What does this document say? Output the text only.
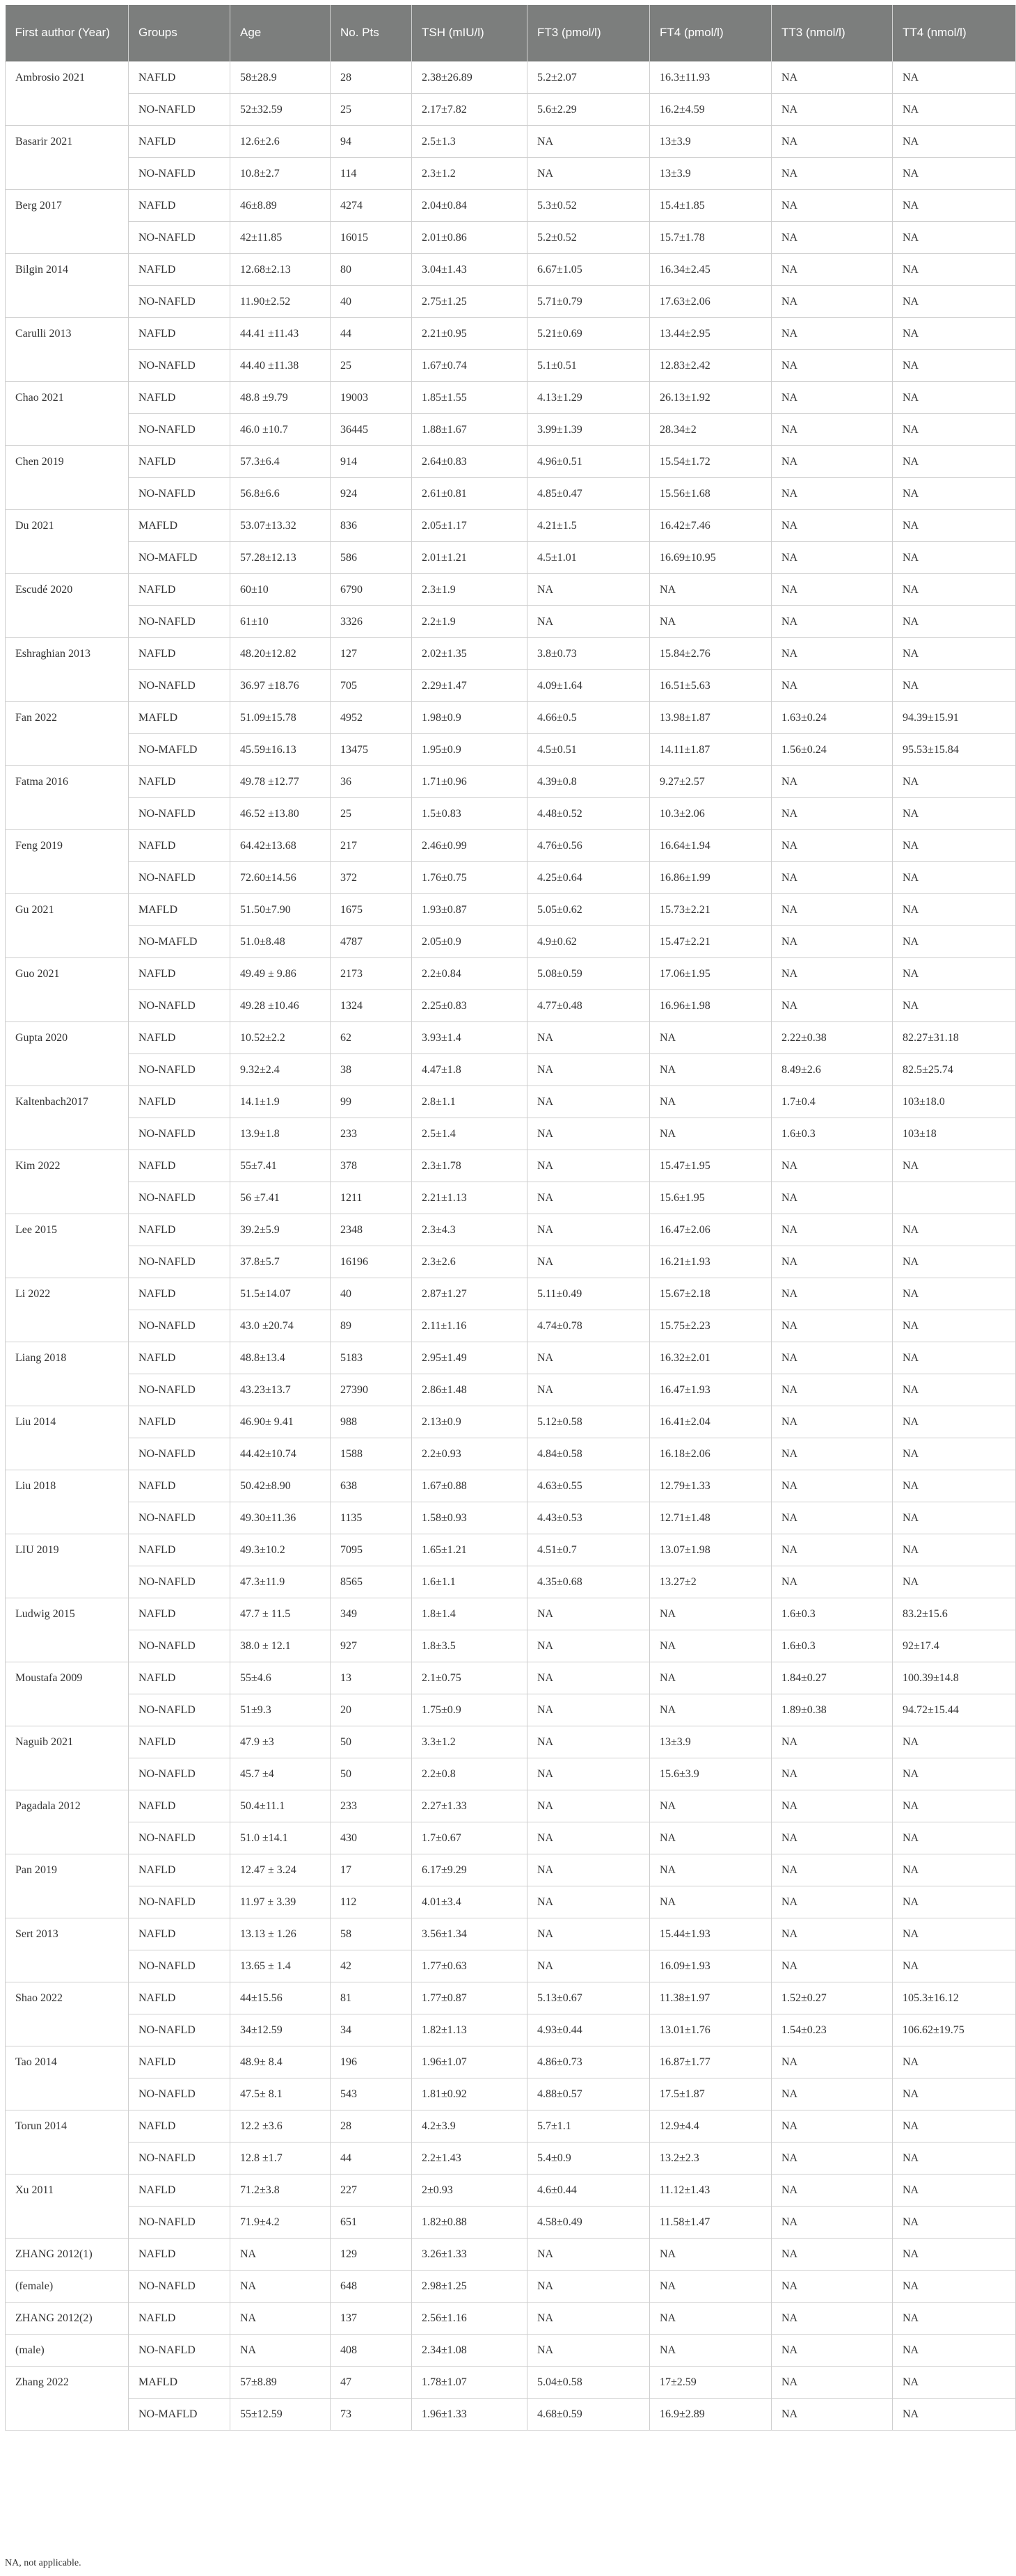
First author (Year)	Groups	Age	No. Pts	TSH (mIU/l)	FT3 (pmol/l)	FT4 (pmol/l)	TT3 (nmol/l)	TT4 (nmol/l)
Ambrosio 2021	NAFLD	58±28.9	28	2.38±26.89	5.2±2.07	16.3±11.93	NA	NA
	NO-NAFLD	52±32.59	25	2.17±7.82	5.6±2.29	16.2±4.59	NA	NA
Basarir 2021	NAFLD	12.6±2.6	94	2.5±1.3	NA	13±3.9	NA	NA
	NO-NAFLD	10.8±2.7	114	2.3±1.2	NA	13±3.9	NA	NA
Berg 2017	NAFLD	46±8.89	4274	2.04±0.84	5.3±0.52	15.4±1.85	NA	NA
	NO-NAFLD	42±11.85	16015	2.01±0.86	5.2±0.52	15.7±1.78	NA	NA
Bilgin 2014	NAFLD	12.68±2.13	80	3.04±1.43	6.67±1.05	16.34±2.45	NA	NA
	NO-NAFLD	11.90±2.52	40	2.75±1.25	5.71±0.79	17.63±2.06	NA	NA
Carulli 2013	NAFLD	44.41 ±11.43	44	2.21±0.95	5.21±0.69	13.44±2.95	NA	NA
	NO-NAFLD	44.40 ±11.38	25	1.67±0.74	5.1±0.51	12.83±2.42	NA	NA
Chao 2021	NAFLD	48.8 ±9.79	19003	1.85±1.55	4.13±1.29	26.13±1.92	NA	NA
	NO-NAFLD	46.0 ±10.7	36445	1.88±1.67	3.99±1.39	28.34±2	NA	NA
Chen 2019	NAFLD	57.3±6.4	914	2.64±0.83	4.96±0.51	15.54±1.72	NA	NA
	NO-NAFLD	56.8±6.6	924	2.61±0.81	4.85±0.47	15.56±1.68	NA	NA
Du 2021	MAFLD	53.07±13.32	836	2.05±1.17	4.21±1.5	16.42±7.46	NA	NA
	NO-MAFLD	57.28±12.13	586	2.01±1.21	4.5±1.01	16.69±10.95	NA	NA
Escudé 2020	NAFLD	60±10	6790	2.3±1.9	NA	NA	NA	NA
	NO-NAFLD	61±10	3326	2.2±1.9	NA	NA	NA	NA
Eshraghian 2013	NAFLD	48.20±12.82	127	2.02±1.35	3.8±0.73	15.84±2.76	NA	NA
	NO-NAFLD	36.97 ±18.76	705	2.29±1.47	4.09±1.64	16.51±5.63	NA	NA
Fan 2022	MAFLD	51.09±15.78	4952	1.98±0.9	4.66±0.5	13.98±1.87	1.63±0.24	94.39±15.91
	NO-MAFLD	45.59±16.13	13475	1.95±0.9	4.5±0.51	14.11±1.87	1.56±0.24	95.53±15.84
Fatma 2016	NAFLD	49.78 ±12.77	36	1.71±0.96	4.39±0.8	9.27±2.57	NA	NA
	NO-NAFLD	46.52 ±13.80	25	1.5±0.83	4.48±0.52	10.3±2.06	NA	NA
Feng 2019	NAFLD	64.42±13.68	217	2.46±0.99	4.76±0.56	16.64±1.94	NA	NA
	NO-NAFLD	72.60±14.56	372	1.76±0.75	4.25±0.64	16.86±1.99	NA	NA
Gu 2021	MAFLD	51.50±7.90	1675	1.93±0.87	5.05±0.62	15.73±2.21	NA	NA
	NO-MAFLD	51.0±8.48	4787	2.05±0.9	4.9±0.62	15.47±2.21	NA	NA
Guo 2021	NAFLD	49.49 ± 9.86	2173	2.2±0.84	5.08±0.59	17.06±1.95	NA	NA
	NO-NAFLD	49.28 ±10.46	1324	2.25±0.83	4.77±0.48	16.96±1.98	NA	NA
Gupta 2020	NAFLD	10.52±2.2	62	3.93±1.4	NA	NA	2.22±0.38	82.27±31.18
	NO-NAFLD	9.32±2.4	38	4.47±1.8	NA	NA	8.49±2.6	82.5±25.74
Kaltenbach2017	NAFLD	14.1±1.9	99	2.8±1.1	NA	NA	1.7±0.4	103±18.0
	NO-NAFLD	13.9±1.8	233	2.5±1.4	NA	NA	1.6±0.3	103±18
Kim 2022	NAFLD	55±7.41	378	2.3±1.78	NA	15.47±1.95	NA	NA
	NO-NAFLD	56 ±7.41	1211	2.21±1.13	NA	15.6±1.95	NA	
Lee 2015	NAFLD	39.2±5.9	2348	2.3±4.3	NA	16.47±2.06	NA	NA
	NO-NAFLD	37.8±5.7	16196	2.3±2.6	NA	16.21±1.93	NA	NA
Li 2022	NAFLD	51.5±14.07	40	2.87±1.27	5.11±0.49	15.67±2.18	NA	NA
	NO-NAFLD	43.0 ±20.74	89	2.11±1.16	4.74±0.78	15.75±2.23	NA	NA
Liang 2018	NAFLD	48.8±13.4	5183	2.95±1.49	NA	16.32±2.01	NA	NA
	NO-NAFLD	43.23±13.7	27390	2.86±1.48	NA	16.47±1.93	NA	NA
Liu 2014	NAFLD	46.90± 9.41	988	2.13±0.9	5.12±0.58	16.41±2.04	NA	NA
	NO-NAFLD	44.42±10.74	1588	2.2±0.93	4.84±0.58	16.18±2.06	NA	NA
Liu 2018	NAFLD	50.42±8.90	638	1.67±0.88	4.63±0.55	12.79±1.33	NA	NA
	NO-NAFLD	49.30±11.36	1135	1.58±0.93	4.43±0.53	12.71±1.48	NA	NA
LIU 2019	NAFLD	49.3±10.2	7095	1.65±1.21	4.51±0.7	13.07±1.98	NA	NA
	NO-NAFLD	47.3±11.9	8565	1.6±1.1	4.35±0.68	13.27±2	NA	NA
Ludwig 2015	NAFLD	47.7 ± 11.5	349	1.8±1.4	NA	NA	1.6±0.3	83.2±15.6
	NO-NAFLD	38.0 ± 12.1	927	1.8±3.5	NA	NA	1.6±0.3	92±17.4
Moustafa 2009	NAFLD	55±4.6	13	2.1±0.75	NA	NA	1.84±0.27	100.39±14.8
	NO-NAFLD	51±9.3	20	1.75±0.9	NA	NA	1.89±0.38	94.72±15.44
Naguib 2021	NAFLD	47.9 ±3	50	3.3±1.2	NA	13±3.9	NA	NA
	NO-NAFLD	45.7 ±4	50	2.2±0.8	NA	15.6±3.9	NA	NA
Pagadala 2012	NAFLD	50.4±11.1	233	2.27±1.33	NA	NA	NA	NA
	NO-NAFLD	51.0 ±14.1	430	1.7±0.67	NA	NA	NA	NA
Pan 2019	NAFLD	12.47 ± 3.24	17	6.17±9.29	NA	NA	NA	NA
	NO-NAFLD	11.97 ± 3.39	112	4.01±3.4	NA	NA	NA	NA
Sert 2013	NAFLD	13.13 ± 1.26	58	3.56±1.34	NA	15.44±1.93	NA	NA
	NO-NAFLD	13.65 ± 1.4	42	1.77±0.63	NA	16.09±1.93	NA	NA
Shao 2022	NAFLD	44±15.56	81	1.77±0.87	5.13±0.67	11.38±1.97	1.52±0.27	105.3±16.12
	NO-NAFLD	34±12.59	34	1.82±1.13	4.93±0.44	13.01±1.76	1.54±0.23	106.62±19.75
Tao 2014	NAFLD	48.9± 8.4	196	1.96±1.07	4.86±0.73	16.87±1.77	NA	NA
	NO-NAFLD	47.5± 8.1	543	1.81±0.92	4.88±0.57	17.5±1.87	NA	NA
Torun 2014	NAFLD	12.2 ±3.6	28	4.2±3.9	5.7±1.1	12.9±4.4	NA	NA
	NO-NAFLD	12.8 ±1.7	44	2.2±1.43	5.4±0.9	13.2±2.3	NA	NA
Xu 2011	NAFLD	71.2±3.8	227	2±0.93	4.6±0.44	11.12±1.43	NA	NA
	NO-NAFLD	71.9±4.2	651	1.82±0.88	4.58±0.49	11.58±1.47	NA	NA
ZHANG 2012(1)	NAFLD	NA	129	3.26±1.33	NA	NA	NA	NA
(female)	NO-NAFLD	NA	648	2.98±1.25	NA	NA	NA	NA
ZHANG 2012(2)	NAFLD	NA	137	2.56±1.16	NA	NA	NA	NA
(male)	NO-NAFLD	NA	408	2.34±1.08	NA	NA	NA	NA
Zhang 2022	MAFLD	57±8.89	47	1.78±1.07	5.04±0.58	17±2.59	NA	NA
	NO-MAFLD	55±12.59	73	1.96±1.33	4.68±0.59	16.9±2.89	NA	NA
NA, not applicable.
